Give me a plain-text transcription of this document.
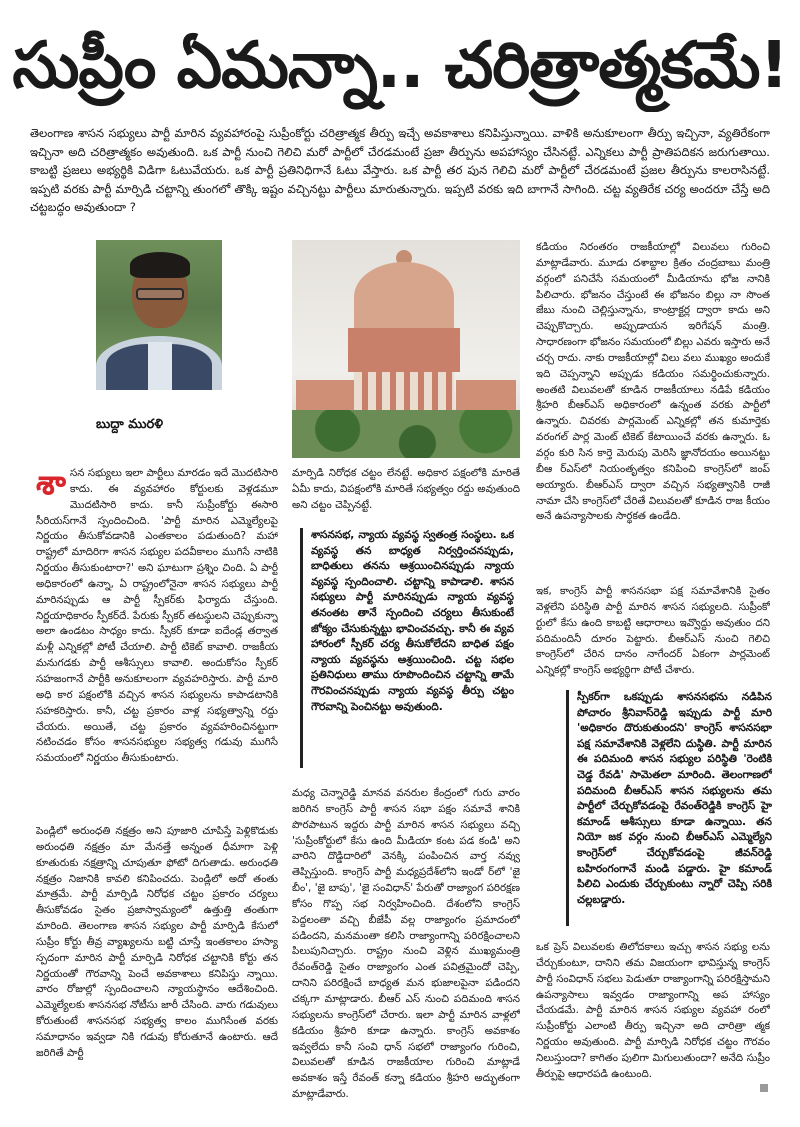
సుప్రీం ఏమన్నా.. చరిత్రాత్మకమే!

తెలంగాణ శాసన సభ్యులు పార్టీ మారిన వ్యవహారంపై సుప్రీంకోర్టు చరిత్రాత్మక తీర్పు ఇచ్చే అవకాశాలు కనిపిస్తున్నాయి. వాళికి అనుకూలంగా తీర్పు ఇచ్చినా, వ్యతిరేకంగా ఇచ్చినా అది చరిత్రాత్మకం అవుతుంది. ఒక పార్టీ నుంచి గెలిచి మరో పార్టీలో చేరడమంటే ప్రజా తీర్పును అపహాస్యం చేసినట్టే. ఎన్నికలు పార్టీ ప్రాతిపదికన జరుగుతాయి. కాబట్టి ప్రజలు అభ్యర్థికి విడిగా ఓటువేయరు. ఒక పార్టీ ప్రతినిధిగానే ఓటు వేస్తారు. ఒక పార్టీ తర పున గెలిచి మరో పార్టీలో చేరడమంటే ప్రజల తీర్పును కాలరాసినట్టే. ఇప్పటి వరకు పార్టీ మార్పిడి చట్టాన్ని తుంగలో తొక్కి ఇష్టం వచ్చినట్టు పార్టీలు మారుతున్నారు. ఇప్పటి వరకు ఇది బాగానే సాగింది. చట్ట వ్యతిరేక చర్య అందరూ చేస్తే అది చట్టబద్ధం అవుతుందా ?

బుద్దా మురళి
శా సన సభ్యులు ఇలా పార్టీలు మారడం ఇదే మొదటిసారి కాదు. ఈ వ్యవహారం కోర్టులకు వెళ్లడమూ మొదటిసారి కాదు. కానీ సుప్రీంకోర్టు ఈసారి సీరియస్‌గానే స్పందించింది. 'పార్టీ మారిన ఎమ్మెల్యేలపై నిర్ణయం తీసుకోవడానికి ఎంతకాలం పడుతుంది? మహా రాష్ట్రలో మాదిరిగా శాసన సభ్యుల పదవీకాలం ముగిసే నాటికి నిర్ణయం తీసుకుంటారా?' అని ఘాటుగా ప్రశ్నిం చింది. ఏ పార్టీ అధికారంలో ఉన్నా, ఏ రాష్ట్రంలోనైనా శాసన సభ్యులు పార్టీ మారినప్పుడు ఆ పార్టీ స్పీకర్‌కు ఫిర్యాదు చేస్తుంది. నిర్ణయాధికారం స్పీకర్‌దే. పేరుకు స్పీకర్ తటస్థులని చెప్పుకున్నా అలా ఉండటం సాధ్యం కాదు. స్పీకర్ కూడా ఐదేండ్ల తర్వాత మళ్లీ ఎన్నికల్లో పోటీ చేయాలి. పార్టీ టికెట్ కావాలి. రాజకీయ మనుగడకు పార్టీ ఆశీస్సులు కావాలి. అందుకోసం స్పీకర్ సహజంగానే పార్టీకి అనుకూలంగా వ్యవహరిస్తారు. పార్టీ మారి అధి కార పక్షంలోకి వచ్చిన శాసన సభ్యులను కాపాడటానికి సహకరిస్తారు. కానీ, చట్ట ప్రకారం వాళ్ల సభ్యత్వాన్ని రద్దు చేయరు. అయితే, చట్ట ప్రకారం వ్యవహరించినట్టుగా నటించడం కోసం శాసనసభ్యుల సభ్యత్వ గడువు ముగిసే సమయంలో నిర్ణయం తీసుకుంటారు.

పెండ్లిలో అరుంధతి నక్షత్రం అని పూజారి చూపిస్తే పెళ్లికొడుకు అరుంధతి నక్షత్రం మా మేనత్తే అన్నంత ధీమాగా పెళ్లి కూతురుకు నక్షత్రాన్ని చూపుతూ ఫోటో దిగుతాడు. అరుంధతి నక్షత్రం నిజానికి కావలి కనిపించదు. పెండ్లిలో అదో తంతు మాత్రమే. పార్టీ మార్పిడి నిరోధక చట్టం ప్రకారం చర్యలు తీసుకోవడం సైతం ప్రజాస్వామ్యంలో ఉత్తుత్తి తంతుగా మారింది. తెలంగాణ శాసన సభ్యుల పార్టీ మార్పిడి కేసులో సుప్రీం కోర్టు తీవ్ర వ్యాఖ్యలను బట్టి చూస్తే ఇంతకాలం హస్యా స్పదంగా మారిన పార్టీ మార్పిడి నిరోధక చట్టానికి కోర్టు తన నిర్ణయంతో గౌరవాన్ని పెంచే అవకాశాలు కనిపిస్తు న్నాయి. వారం రోజుల్లో స్పందించాలని న్యాయస్థానం ఆదేశించింది. ఎమ్మెల్యేలకు శాసనసభ నోటీసు జారీ చేసింది. వారు గడువులు కోరుతుంటే శాసనసభ సభ్యత్వ కాలం ముగిసేంత వరకు సమాధానం ఇవ్వడా నికి గడువు కోరుతూనే ఉంటారు. ఆదే జరిగితే పార్టీ

మార్పిడి నిరోధక చట్టం లేనట్టే. అధికార పక్షంలోకి మారితే ఏమీ కాదు, విపక్షంలోకి మారితే సభ్యత్వం రద్దు అవుతుంది అని చట్టం చెప్పినట్టే.

శాసనసభ, న్యాయ వ్యవస్థ స్వతంత్ర సంస్థలు. ఒక వ్యవస్థ తన బాధ్యత నిర్వర్తించనప్పుడు, బాధితులు తనను ఆశ్రయించినప్పుడు న్యాయ వ్యవస్థ స్పందించాలి. చట్టాన్ని కాపాడాలి. శాసన సభ్యులు పార్టీ మారినప్పుడు న్యాయ వ్యవస్థ తనంతట తానే స్పందించి చర్యలు తీసుకుంటే జోక్యం చేసుకున్నట్టు భావించవచ్చు. కానీ ఈ వ్యవ హారంలో స్పీకర్ చర్య తీసుకోలేదని బాధిత పక్షం న్యాయ వ్యవస్థను ఆశ్రయించింది. చట్ట సభల ప్రతినిధులు తాము రూపొందించిన చట్టాన్ని తామే గౌరవించనప్పుడు న్యాయ వ్యవస్థ తీర్పు చట్టం గౌరవాన్ని పెంచినట్టు అవుతుంది.

మధ్య చెన్నారెడ్డి మానవ వనరుల కేంద్రంలో గురు వారం జరిగిన కాంగ్రెస్ పార్టీ శాసన సభా పక్షం సమావే శానికి పొరపాటున ఇద్దరు పార్టీ మారిన శాసన సభ్యులు వచ్చి 'సుప్రీంకోర్టులో కేసు ఉంది మీడియా కంట పడ కండి' అని వారిని దొడ్డిదారిలో వెనక్కి పంపించిన వార్త నవ్వు తెప్పిస్తుంది. కాంగ్రెస్ పార్టీ మధ్యప్రదేశ్‌లోని ఇండో ర్‌లో 'జై బీం', 'జై బాపు', 'జై సంవిధాన్' పేరుతో రాజ్యాంగ పరిరక్షణ కోసం గొప్ప సభ నిర్వహించింది. దేశంలోని కాంగ్రెస్ పెద్దలంతా వచ్చి బీజేపీ వల్ల రాజ్యాంగం ప్రమాదంలో పడిందని, మనమంతా కలిసి రాజ్యాంగాన్ని పరిరక్షించాలని పిలుపునిచ్చారు. రాష్ట్రం నుంచి వెళ్లిన ముఖ్యమంత్రి రేవంత్‌రెడ్డి సైతం రాజ్యాంగం ఎంత పవిత్రమైందో చెప్పి, దానిని పరిరక్షించే బాధ్యత మన భుజాలపైనా పడిందని చక్కగా మాట్లాడారు. బీఆర్ ఎస్ నుంచి పదిమంది శాసన సభ్యులను కాంగ్రెస్‌లో చేరారు. ఇలా పార్టీ మారిన వాళ్లలో కడియం శ్రీహరి కూడా ఉన్నారు. కాంగ్రెస్ అవకాశం ఇవ్వలేదు కానీ సంవి ధాన్ సభలో రాజ్యాంగం గురించి, విలువలతో కూడిన రాజకీయాల గురించి మాట్లాడే అవకాశం ఇస్తే రేవంత్ కన్నా కడియం శ్రీహరి అద్భుతంగా మాట్లాడేవారు.

కడియం నిరంతరం రాజకీయాల్లో విలువలు గురించి మాట్లాడేవారు. మూడు దశాబ్దాల క్రితం చంద్రబాబు మంత్రి వర్గంలో పనిచేసే సమయంలో మీడియాను భోజ నానికి పిలిచారు. భోజనం చేస్తుంటే ఈ భోజనం బిల్లు నా సొంత జేబు నుంచి చెల్లిస్తున్నాను, కాంట్రాక్టర్ల ద్వారా కాదు అని చెప్పుకొచ్చారు. అప్పుడాయన ఇరిగేషన్ మంత్రి. సాధారణంగా భోజనం సమయంలో బిల్లు ఎవరు ఇస్తారు అనే చర్చ రాదు. నాకు రాజకీయాల్లో విలు వలు ముఖ్యం అందుకే ఇది చెప్పన్నాని అప్పుడు కడియం సమర్థించుకున్నారు. అంతటి విలువలతో కూడిన రాజకీయాలు నడిపే కడియం శ్రీహరి బీఆర్ఎస్ అధికారంలో ఉన్నంత వరకు పార్టీలో ఉన్నారు. చివరకు పార్లమెంట్ ఎన్నికల్లో తన కుమార్తెకు వరంగల్ పార్ల మెంట్ టికెట్ కేటాయించే వరకు ఉన్నారు. ఓ వర్గం కురి సిన కార్తె మెరుపు మెరిసి జ్ఞానోదయం అయినట్టు బీఆ ర్‌ఎస్‌లో నియంతృత్వం కనిపించి కాంగ్రెస్‌లో జంప్ అయ్యారు. బీఆర్‌ఎస్ ద్వారా వచ్చిన సభ్యత్వానికి రాజీ నామా చేసి కాంగ్రెస్‌లో చేరితే విలువలతో కూడిన రాజ కీయం అనే ఉపన్యాసాలకు సార్థకత ఉండేది.

ఇక, కాంగ్రెస్ పార్టీ శాసనసభా పక్ష సమావేశానికి సైతం వెళ్లలేని పరిస్థితి పార్టీ మారిన శాసన సభ్యులది. సుప్రీంకో ర్టులో కేసు ఉంది కాబట్టి ఆధారాలు ఇవ్వొద్దు అవుతుం దని పదిమందినీ దూరం పెట్టారు. బీఆర్‌ఎస్ నుంచి గెలిచి కాంగ్రెస్‌లో చేరిన దానం నాగేందర్ ఏకంగా పార్లమెంట్ ఎన్నికల్లో కాంగ్రెస్ అభ్యర్థిగా పోటీ చేశారు.

స్పీకర్‌గా ఒకప్పుడు శాసనసభను నడిపిన పోచారం శ్రీనివాస్‌రెడ్డి ఇప్పుడు పార్టీ మారి 'అధికారం దొరుకుతుందని' కాంగ్రెస్ శాసనసభా పక్ష సమావేశానికి వెళ్లలేని దుస్థితి. పార్టీ మారిన ఈ పదిమంది శాసన సభ్యుల పరిస్థితి 'రెంటికి చెడ్డ రేవడి' సామెతలా మారింది. తెలంగాణలో పదిమంది బీఆర్‌ఎస్ శాసన సభ్యులను తమ పార్టీలో చేర్చుకోవడంపై రేవంత్‌రెడ్డికి కాంగ్రెస్ హై కమాండ్ ఆశీస్సులు కూడా ఉన్నాయి. తన నియో జక వర్గం నుంచి బీఆర్‌ఎస్ ఎమ్మెల్యేని కాంగ్రెస్‌లో చేర్చుకోవడంపై జీవన్‌రెడ్డి బహిరంగంగానే మండి పడ్డారు. హై కమాండ్ పిలిచి ఎందుకు చేర్చుకుంటు న్నారో చెప్పి సరికి చల్లబడ్డారు.

ఒక ప్రెస్ విలువలకు తిలోదకాలు ఇచ్చు శాసన సభ్యు లను చేర్చుకుంటూ, దానిని తమ విజయంగా భావిస్తున్న కాంగ్రెస్ పార్టీ సంవిధాన్ సభలు పెడుతూ రాజ్యాంగాన్ని పరిరక్షిస్తామని ఉపన్యాసాలు ఇవ్వడం రాజ్యాంగాన్ని అప హాస్యం చేయడమే. పార్టీ మారిన శాసన సభ్యుల వ్యవహా రంలో సుప్రీంకోర్టు ఎలాంటి తీర్పు ఇచ్చినా అది చారిత్రా త్మక నిర్ణయం అవుతుంది. పార్టీ మార్పిడి నిరోధక చట్టం గౌరవం నిలుస్తుందా? కాగితం పులిగా మిగులుతుందా? అనేది సుప్రీం తీర్పుపై ఆధారపడి ఉంటుంది.
